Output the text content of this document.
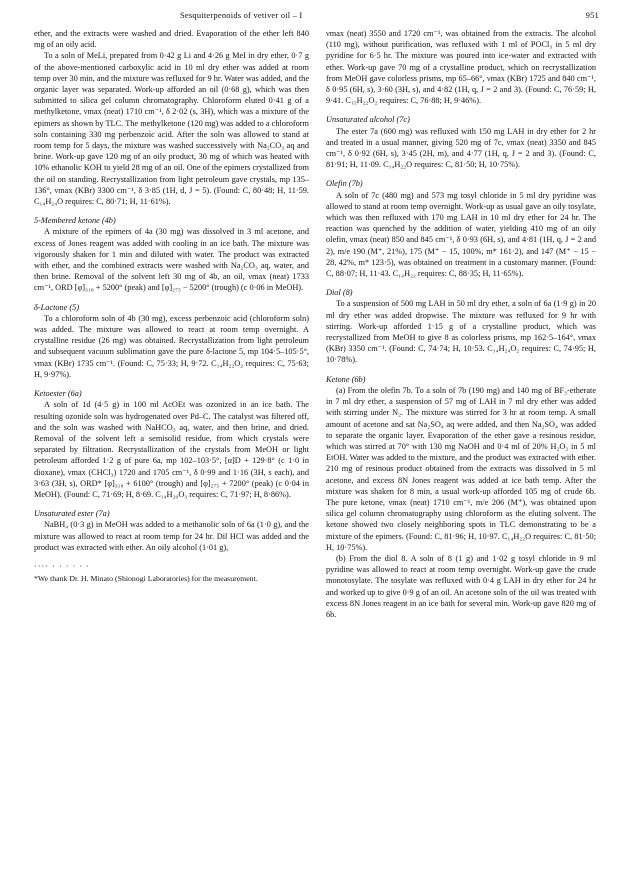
Sesquiterpenoids of vetiver oil – I	951

ether, and the extracts were washed and dried. Evaporation of the ether left 840 mg of an oily acid.

To a soln of MeLi, prepared from 0·42 g Li and 4·26 g MeI in dry ether, 0·7 g of the above-mentioned carboxylic acid in 10 ml dry ether was added at room temp over 30 min, and the mixture was refluxed for 9 hr. Water was added, and the organic layer was separated. Work-up afforded an oil (0·68 g), which was then submitted to silica gel column chromatography. Chloroform eluted 0·41 g of a methylketone, νmax (neat) 1710 cm⁻¹, δ 2·02 (s, 3H), which was a mixture of the epimers as shown by TLC. The methylketone (120 mg) was added to a chloroform soln containing 330 mg perbenzoic acid. After the soln was allowed to stand at room temp for 5 days, the mixture was washed successively with Na₂CO₃ aq and brine. Work-up gave 120 mg of an oily product, 30 mg of which was heated with 10% ethanolic KOH to yield 28 mg of an oil. One of the epimers crystallized from the oil on standing. Recrystallization from light petroleum gave crystals, mp 135–136°, νmax (KBr) 3300 cm⁻¹, δ 3·85 (1H, d, J = 5). (Found: C, 80·48; H, 11·59. C₁₄H₂₄O requires: C, 80·71; H, 11·61%).

5-Membered ketone (4b)

A mixture of the epimers of 4a (30 mg) was dissolved in 3 ml acetone, and excess of Jones reagent was added with cooling in an ice bath. The mixture was vigorously shaken for 1 min and diluted with water. The product was extracted with ether, and the combined extracts were washed with Na₂CO₃ aq, water, and then brine. Removal of the solvent left 30 mg of 4b, an oil, νmax (neat) 1733 cm⁻¹, ORD [φ]₃₁₈ + 5200° (peak) and [φ]₂₇₅ − 5200° (trough) (c 0·06 in MeOH).

δ-Lactone (5)

To a chloroform soln of 4b (30 mg), excess perbenzoic acid (chloroform soln) was added. The mixture was allowed to react at room temp overnight. A crystalline residue (26 mg) was obtained. Recrystallization from light petroleum and subsequent vacuum sublimation gave the pure δ-lactone 5, mp 104·5–105·5°, νmax (KBr) 1735 cm⁻¹. (Found: C, 75·33; H, 9·72. C₁₄H₂₂O₂ requires: C, 75·63; H, 9·97%).

Ketoester (6a)

A soln of 1d (4·5 g) in 100 ml AcOEt was ozonized in an ice bath. The resulting ozonide soln was hydrogenated over Pd–C. The catalyst was filtered off, and the soln was washed with NaHCO₃ aq, water, and then brine, and dried. Removal of the solvent left a semisolid residue, from which crystals were separated by filtration. Recrystallization of the crystals from MeOH or light petroleum afforded 1·2 g of pure 6a, mp 102–103·5°, [α]D + 129·8° (c 1·0 in dioxane), νmax (CHCl₃) 1720 and 1705 cm⁻¹, δ 0·99 and 1·16 (3H, s each), and 3·63 (3H, s), ORD* [φ]₃₁₈ + 6100° (trough) and [φ]₂₇₅ + 7200° (peak) (c 0·04 in MeOH). (Found: C, 71·69; H, 8·69. C₁₄H₂₀O₃ requires: C, 71·97; H, 8·86%).

Unsaturated ester (7a)

NaBH₄ (0·3 g) in MeOH was added to a methanolic soln of 6a (1·0 g), and the mixture was allowed to react at room temp for 24 hr. Dil HCl was added and the product was extracted with ether. An oily alcohol (1·01 g),

···· · · · · · ·

*We thank Dr. H. Minato (Shionogi Laboratories) for the measurement.

νmax (neat) 3550 and 1720 cm⁻¹, was obtained from the extracts. The alcohol (110 mg), without purification, was refluxed with 1 ml of POCl₃ in 5 ml dry pyridine for 6·5 hr. The mixture was poured into ice-water and extracted with ether. Work-up gave 70 mg of a crystalline product, which on recrystallization from MeOH gave colorless prisms, mp 65–66°, νmax (KBr) 1725 and 840 cm⁻¹, δ 0·95 (6H, s), 3·60 (3H, s), and 4·82 (1H, q, J = 2 and 3). (Found: C, 76·59; H, 9·41. C₁₅H₂₂O₂ requires: C, 76·88; H, 9·46%).

Unsaturated alcohol (7c)

The ester 7a (600 mg) was refluxed with 150 mg LAH in dry ether for 2 hr and treated in a usual manner, giving 520 mg of 7c, νmax (neat) 3350 and 845 cm⁻¹, δ 0·92 (6H, s), 3·45 (2H, m), and 4·77 (1H, q, J = 2 and 3). (Found: C, 81·91; H, 11·09. C₁₄H₂₂O requires: C, 81·50; H, 10·75%).

Olefin (7b)

A soln of 7c (480 mg) and 573 mg tosyl chloride in 5 ml dry pyridine was allowed to stand at room temp overnight. Work-up as usual gave an oily tosylate, which was then refluxed with 170 mg LAH in 10 ml dry ether for 24 hr. The reaction was quenched by the addition of water, yielding 410 mg of an oily olefin, νmax (neat) 850 and 845 cm⁻¹, δ 0·93 (6H, s), and 4·81 (1H, q, J = 2 and 2), m/e 190 (M⁺, 21%), 175 (M⁺ − 15, 100%, m* 161·2), and 147 (M⁺ − 15 − 28, 42%, m* 123·5), was obtained on treatment in a customary manner. (Found: C, 88·07; H, 11·43. C₁₄H₂₂ requires: C, 88·35; H, 11·65%).

Diol (8)

To a suspension of 500 mg LAH in 50 ml dry ether, a soln of 6a (1·9 g) in 20 ml dry ether was added dropwise. The mixture was refluxed for 9 hr with stirring. Work-up afforded 1·15 g of a crystalline product, which was recrystallized from MeOH to give 8 as colorless prisms, mp 162·5–164°, νmax (KBr) 3350 cm⁻¹. (Found: C, 74·74; H, 10·53. C₁₄H₂₄O₂ requires: C, 74·95; H, 10·78%).

Ketone (6b)

(a) From the olefin 7b. To a soln of 7b (190 mg) and 140 mg of BF₃-etherate in 7 ml dry ether, a suspension of 57 mg of LAH in 7 ml dry ether was added with stirring under N₂. The mixture was stirred for 3 hr at room temp. A small amount of acetone and sat Na₂SO₄ aq were added, and then Na₂SO₄ was added to separate the organic layer. Evaporation of the ether gave a resinous residue, which was stirred at 70° with 130 mg NaOH and 0·4 ml of 20% H₂O₂ in 5 ml EtOH. Water was added to the mixture, and the product was extracted with ether. 210 mg of resinous product obtained from the extracts was dissolved in 5 ml acetone, and excess 8N Jones reagent was added at ice bath temp. After the mixture was shaken for 8 min, a usual work-up afforded 105 mg of crude 6b. The pure ketone, νmax (neat) 1710 cm⁻¹, m/e 206 (M⁺), was obtained upon silica gel column chromatography using chloroform as the eluting solvent. The ketone showed two closely neighboring spots in TLC demonstrating to be a mixture of the epimers. (Found: C, 81·96; H, 10·97. C₁₄H₂₂O requires: C, 81·50; H, 10·75%).

(b) From the diol 8. A soln of 8 (1 g) and 1·02 g tosyl chloride in 9 ml pyridine was allowed to react at room temp overnight. Work-up gave the crude monotosylate. The tosylate was refluxed with 0·4 g LAH in dry ether for 24 hr and worked up to give 0·9 g of an oil. An acetone soln of the oil was treated with excess 8N Jones reagent in an ice bath for several min. Work-up gave 820 mg of 6b.
